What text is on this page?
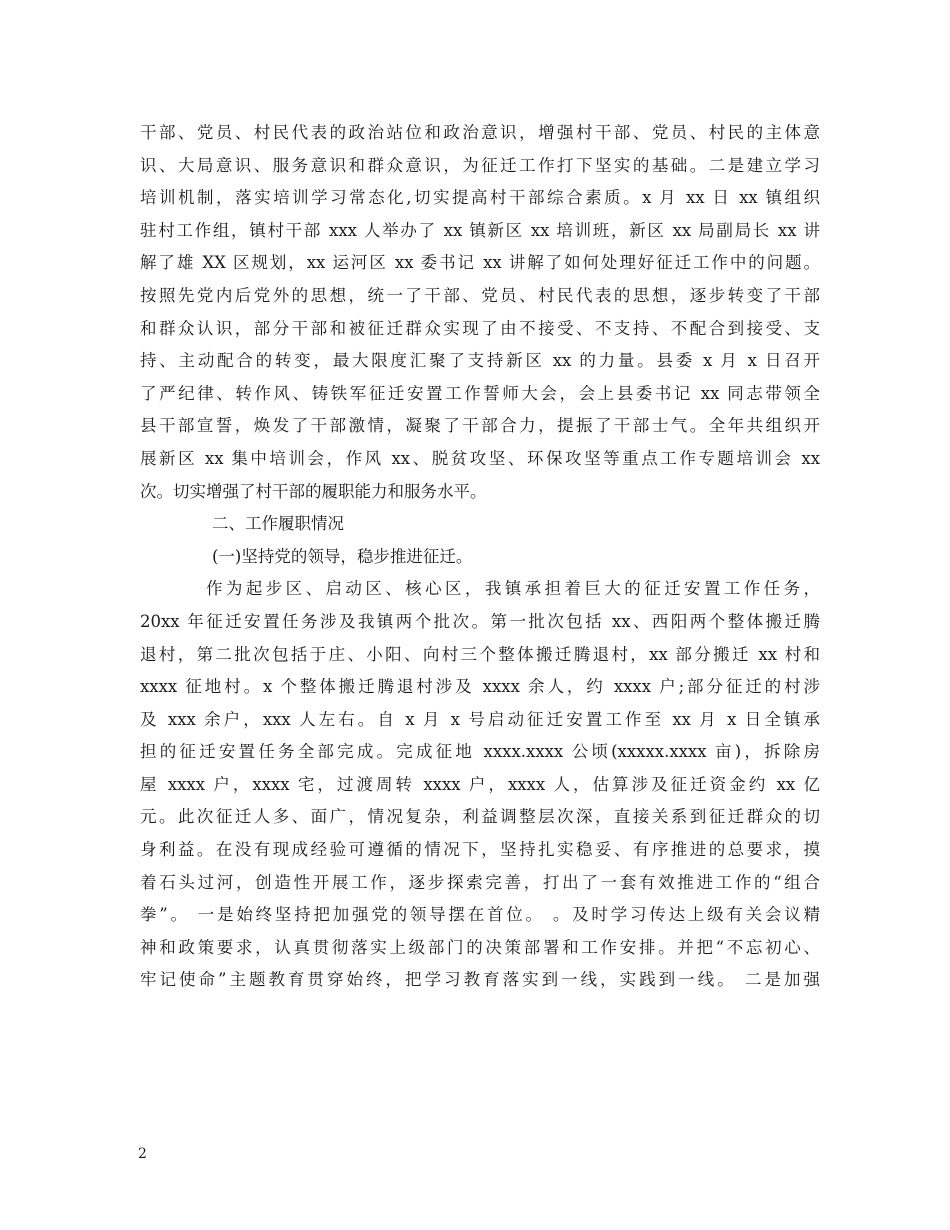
干部、党员、村民代表的政治站位和政治意识，增强村干部、党员、村民的主体意
识、大局意识、服务意识和群众意识，为征迁工作打下坚实的基础。二是建立学习
培训机制，落实培训学习常态化,切实提高村干部综合素质。x 月 xx 日 xx 镇组织
驻村工作组，镇村干部 xxx 人举办了 xx 镇新区 xx 培训班，新区 xx 局副局长 xx 讲
解了雄 XX 区规划，xx 运河区 xx 委书记 xx 讲解了如何处理好征迁工作中的问题。
按照先党内后党外的思想，统一了干部、党员、村民代表的思想，逐步转变了干部
和群众认识，部分干部和被征迁群众实现了由不接受、不支持、不配合到接受、支
持、主动配合的转变，最大限度汇聚了支持新区 xx 的力量。县委 x 月 x 日召开
了严纪律、转作风、铸铁军征迁安置工作誓师大会，会上县委书记 xx 同志带领全
县干部宣誓，焕发了干部激情，凝聚了干部合力，提振了干部士气。全年共组织开
展新区 xx 集中培训会，作风 xx、脱贫攻坚、环保攻坚等重点工作专题培训会 xx
次。切实增强了村干部的履职能力和服务水平。
二、工作履职情况
(一)坚持党的领导，稳步推进征迁。
作为起步区、启动区、核心区，我镇承担着巨大的征迁安置工作任务，
20xx 年征迁安置任务涉及我镇两个批次。第一批次包括 xx、西阳两个整体搬迁腾
退村，第二批次包括于庄、小阳、向村三个整体搬迁腾退村，xx 部分搬迁 xx 村和
xxxx 征地村。x 个整体搬迁腾退村涉及 xxxx 余人，约 xxxx 户;部分征迁的村涉
及 xxx 余户，xxx 人左右。自 x 月 x 号启动征迁安置工作至 xx 月 x 日全镇承
担的征迁安置任务全部完成。完成征地 xxxx.xxxx 公顷(xxxxx.xxxx 亩)，拆除房
屋 xxxx 户，xxxx 宅，过渡周转 xxxx 户，xxxx 人，估算涉及征迁资金约 xx 亿
元。此次征迁人多、面广，情况复杂，利益调整层次深，直接关系到征迁群众的切
身利益。在没有现成经验可遵循的情况下，坚持扎实稳妥、有序推进的总要求，摸
着石头过河，创造性开展工作，逐步探索完善，打出了一套有效推进工作的“组合
拳”。 一是始终坚持把加强党的领导摆在首位。 。及时学习传达上级有关会议精
神和政策要求，认真贯彻落实上级部门的决策部署和工作安排。并把“不忘初心、
牢记使命”主题教育贯穿始终，把学习教育落实到一线，实践到一线。 二是加强
2
